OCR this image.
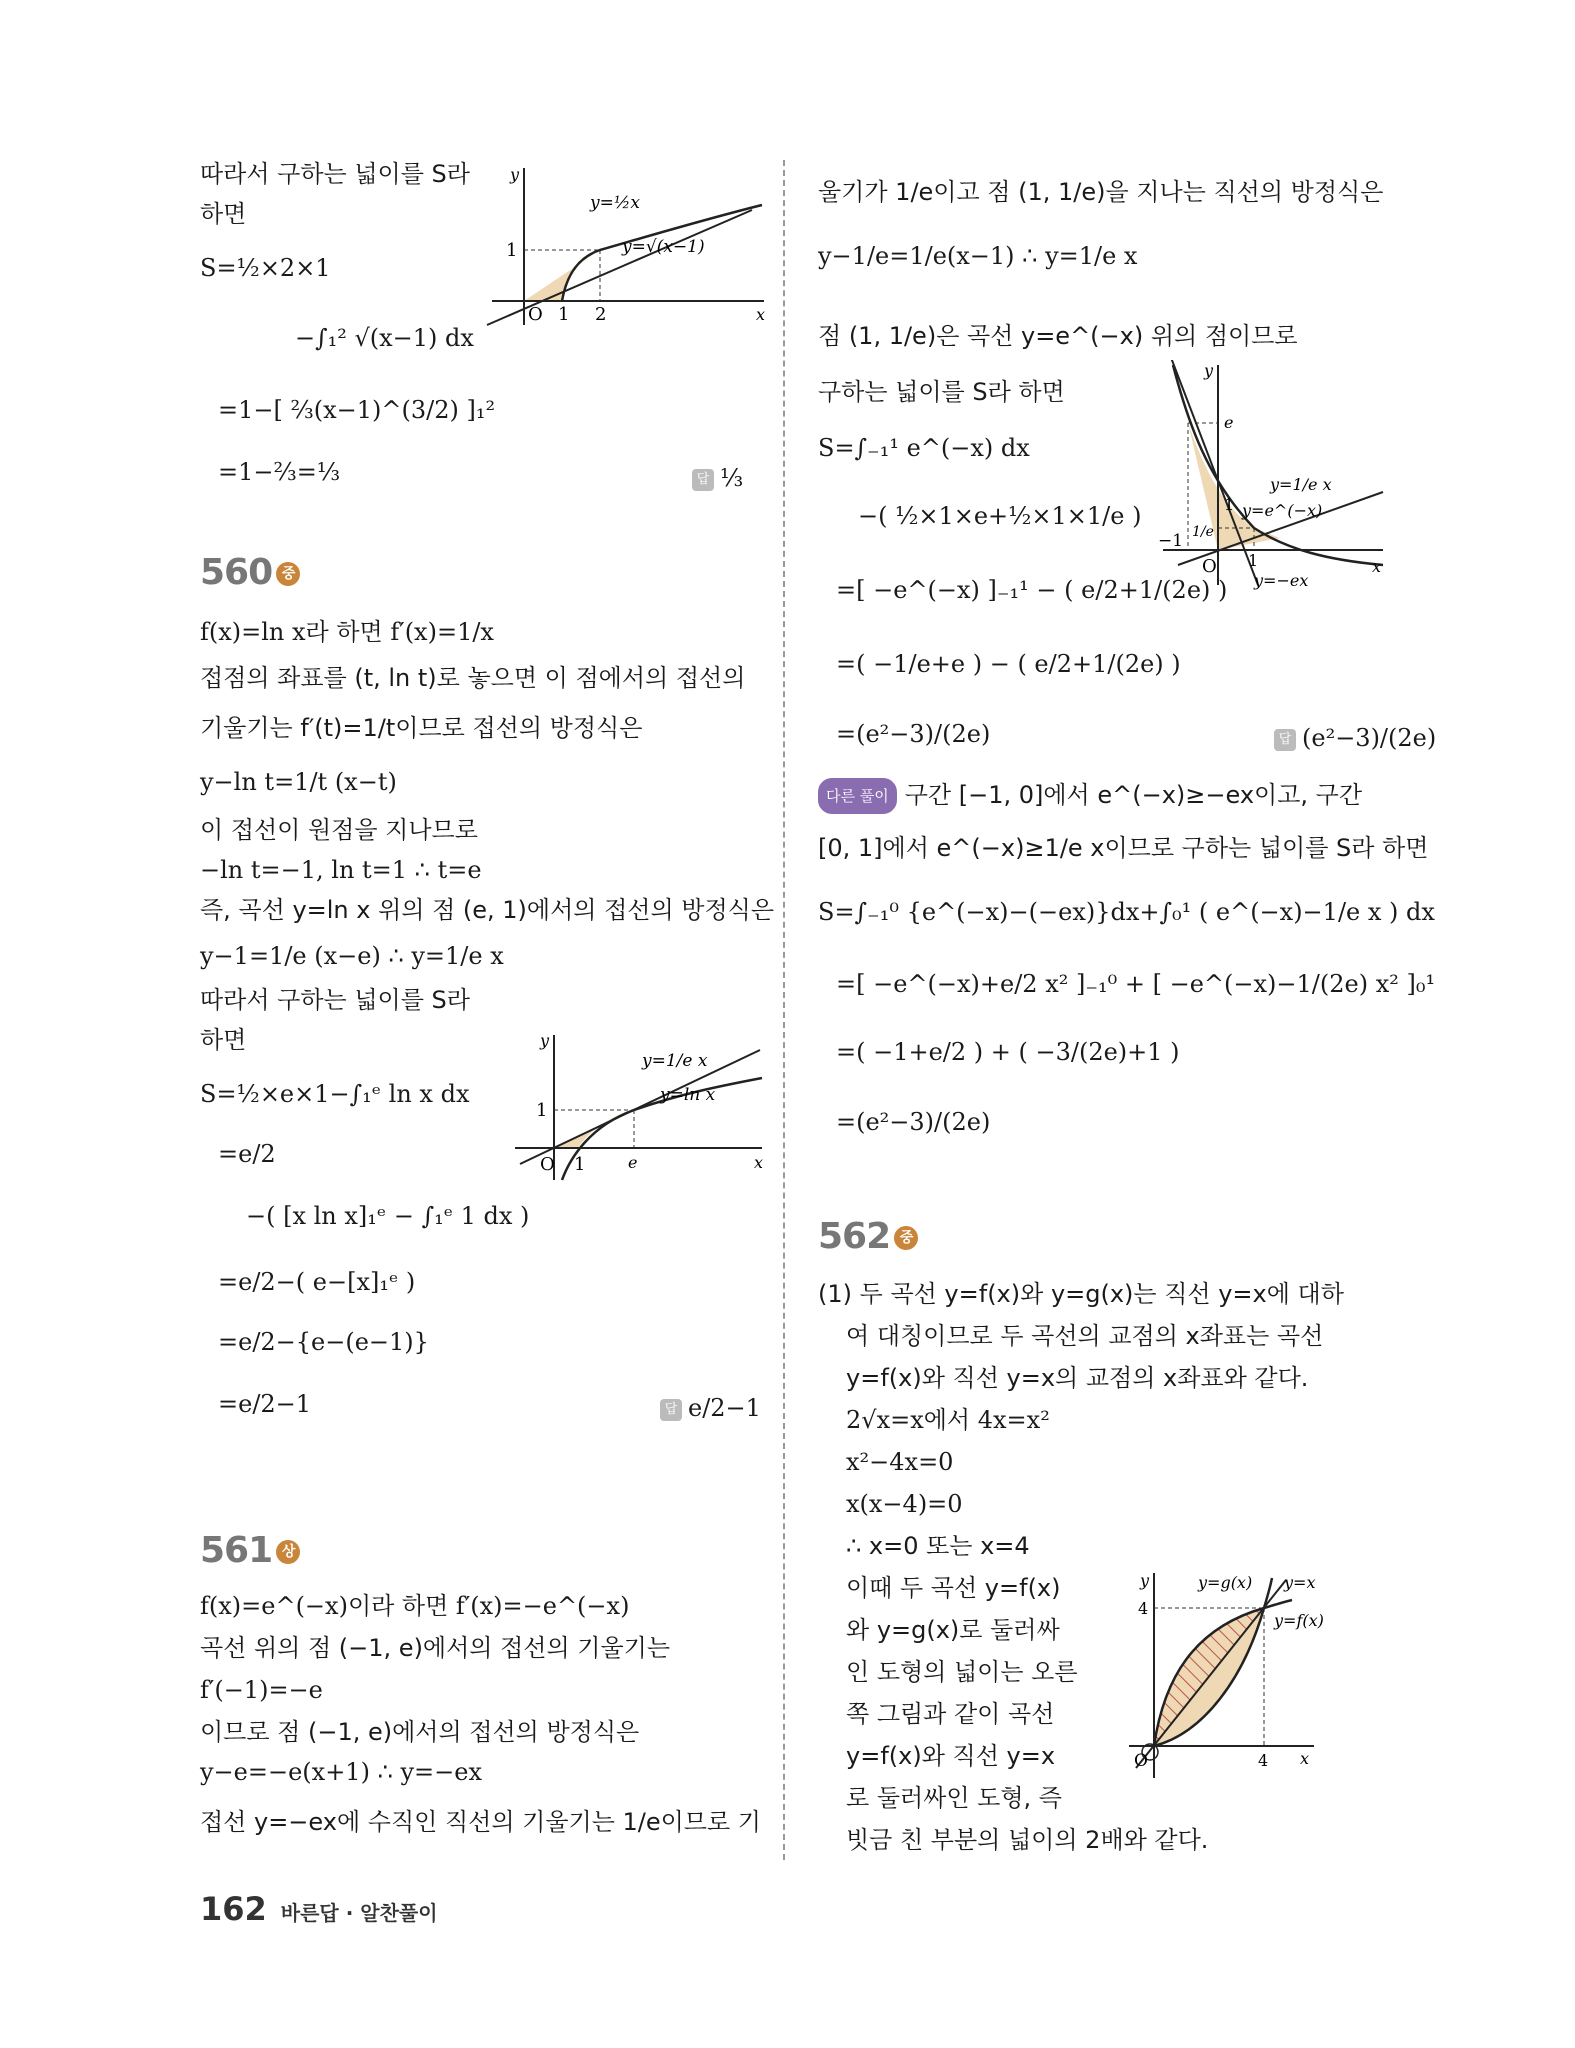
따라서 구하는 넓이를 S라
하면
S=½×2×1
−∫₁² √(x−1) dx
=1−[ ⅔(x−1)^(3/2) ]₁²
=1−⅔=⅓	답 ⅓
y
x
O 1 2
1
y=½x
y=√(x−1)
560 중
f(x)=ln x라 하면 f′(x)=1/x
접점의 좌표를 (t, ln t)로 놓으면 이 점에서의 접선의
기울기는 f′(t)=1/t이므로 접선의 방정식은
y−ln t=1/t (x−t)
이 접선이 원점을 지나므로
−ln t=−1, ln t=1 ∴ t=e
즉, 곡선 y=ln x 위의 점 (e, 1)에서의 접선의 방정식은
y−1=1/e (x−e) ∴ y=1/e x
따라서 구하는 넓이를 S라
하면
S=½×e×1−∫₁ᵉ ln x dx
=e/2
−( [x ln x]₁ᵉ − ∫₁ᵉ 1 dx )
=e/2−( e−[x]₁ᵉ )
=e/2−{e−(e−1)}
=e/2−1	답 e/2−1
y
x
O 1	e
1
y=1/e x
y=ln x
561 상
f(x)=e^(−x)이라 하면 f′(x)=−e^(−x)
곡선 위의 점 (−1, e)에서의 접선의 기울기는
f′(−1)=−e
이므로 점 (−1, e)에서의 접선의 방정식은
y−e=−e(x+1) ∴ y=−ex
접선 y=−ex에 수직인 직선의 기울기는 1/e이므로 기
울기가 1/e이고 점 (1, 1/e)을 지나는 직선의 방정식은
y−1/e=1/e(x−1) ∴ y=1/e x
점 (1, 1/e)은 곡선 y=e^(−x) 위의 점이므로
구하는 넓이를 S라 하면
S=∫₋₁¹ e^(−x) dx
−( ½×1×e+½×1×1/e )
=[ −e^(−x) ]₋₁¹ − ( e/2+1/(2e) )
=( −1/e+e ) − ( e/2+1/(2e) )
=(e²−3)/(2e)	답 (e²−3)/(2e)
y
x
O
e
−1
1
1
1/e
y=1/e x
y=e^(−x)
y=−ex
다른 풀이 구간 [−1, 0]에서 e^(−x)≥−ex이고, 구간
[0, 1]에서 e^(−x)≥1/e x이므로 구하는 넓이를 S라 하면
S=∫₋₁⁰ {e^(−x)−(−ex)}dx+∫₀¹ ( e^(−x)−1/e x ) dx
=[ −e^(−x)+e/2 x² ]₋₁⁰ + [ −e^(−x)−1/(2e) x² ]₀¹
=( −1+e/2 ) + ( −3/(2e)+1 )
=(e²−3)/(2e)
562 중
(1) 두 곡선 y=f(x)와 y=g(x)는 직선 y=x에 대하
여 대칭이므로 두 곡선의 교점의 x좌표는 곡선
y=f(x)와 직선 y=x의 교점의 x좌표와 같다.
2√x=x에서 4x=x²
x²−4x=0
x(x−4)=0
∴ x=0 또는 x=4
이때 두 곡선 y=f(x)
와 y=g(x)로 둘러싸
인 도형의 넓이는 오른
쪽 그림과 같이 곡선
y=f(x)와 직선 y=x
로 둘러싸인 도형, 즉
빗금 친 부분의 넓이의 2배와 같다.
y
x
O	4
4
y=g(x) y=x
y=f(x)
162 바른답 · 알찬풀이
